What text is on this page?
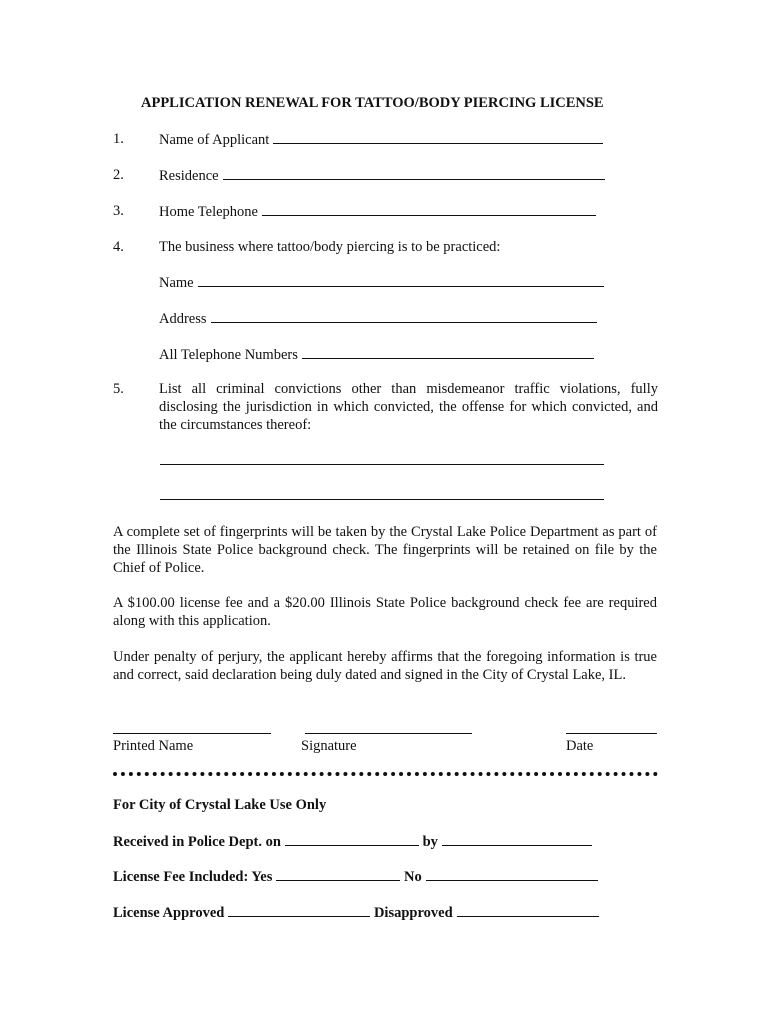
APPLICATION RENEWAL FOR TATTOO/BODY PIERCING LICENSE
1. Name of Applicant
2. Residence
3. Home Telephone
4. The business where tattoo/body piercing is to be practiced:
Name
Address
All Telephone Numbers
5. List all criminal convictions other than misdemeanor traffic violations, fully disclosing the jurisdiction in which convicted, the offense for which convicted, and the circumstances thereof:
A complete set of fingerprints will be taken by the Crystal Lake Police Department as part of the Illinois State Police background check. The fingerprints will be retained on file by the Chief of Police.
A $100.00 license fee and a $20.00 Illinois State Police background check fee are required along with this application.
Under penalty of perjury, the applicant hereby affirms that the foregoing information is true and correct, said declaration being duly dated and signed in the City of Crystal Lake, IL.
Printed Name	Signature	Date
For City of Crystal Lake Use Only
Received in Police Dept. on	by
License Fee Included: Yes	No
License Approved	Disapproved
